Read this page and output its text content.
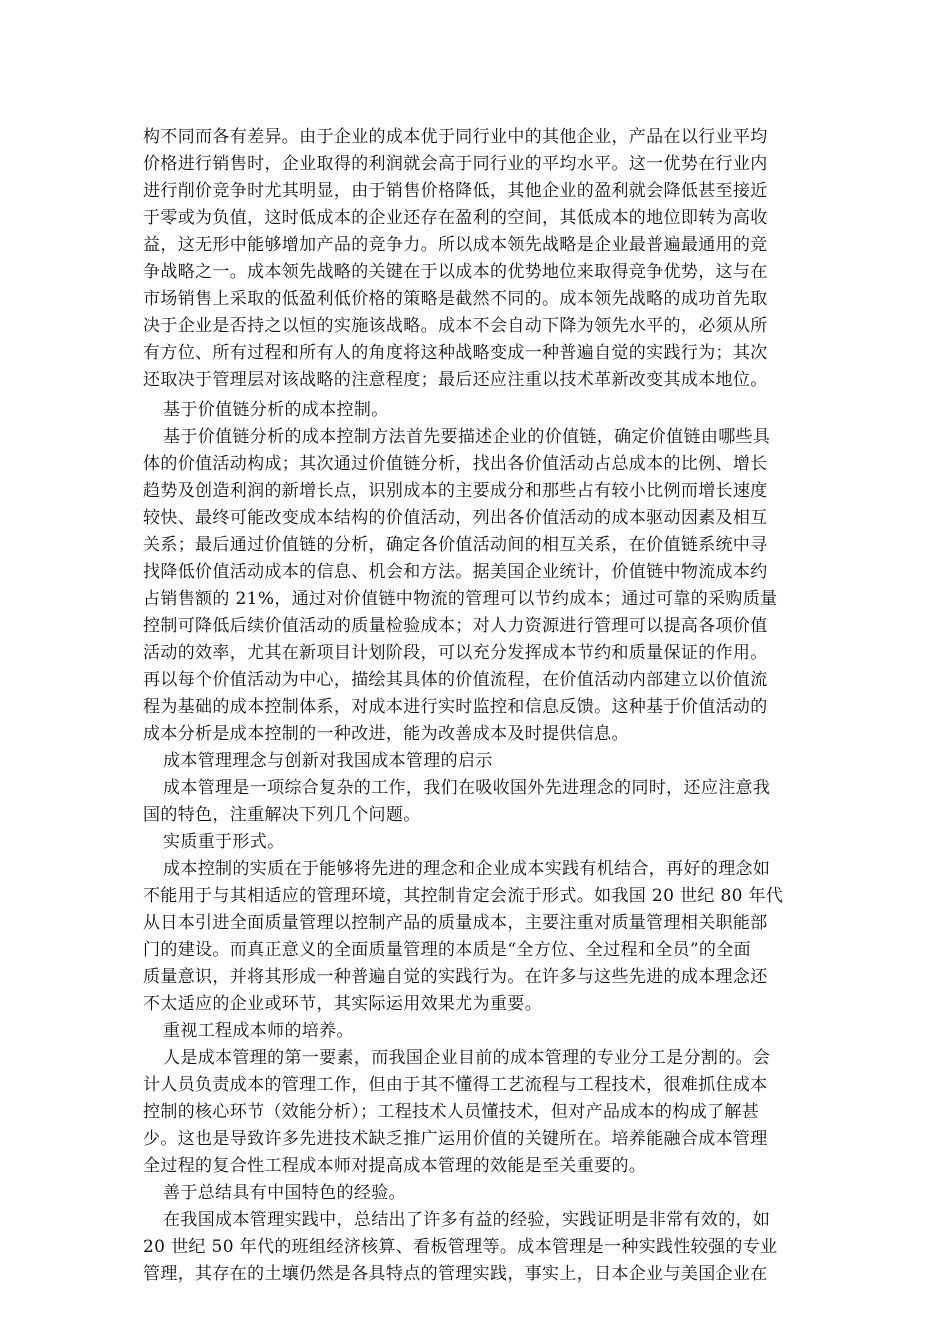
构不同而各有差异。由于企业的成本优于同行业中的其他企业，产品在以行业平均
价格进行销售时，企业取得的利润就会高于同行业的平均水平。这一优势在行业内
进行削价竞争时尤其明显，由于销售价格降低，其他企业的盈利就会降低甚至接近
于零或为负值，这时低成本的企业还存在盈利的空间，其低成本的地位即转为高收
益，这无形中能够增加产品的竞争力。所以成本领先战略是企业最普遍最通用的竞
争战略之一。成本领先战略的关键在于以成本的优势地位来取得竞争优势，这与在
市场销售上采取的低盈利低价格的策略是截然不同的。成本领先战略的成功首先取
决于企业是否持之以恒的实施该战略。成本不会自动下降为领先水平的，必须从所
有方位、所有过程和所有人的角度将这种战略变成一种普遍自觉的实践行为；其次
还取决于管理层对该战略的注意程度；最后还应注重以技术革新改变其成本地位。
基于价值链分析的成本控制。
基于价值链分析的成本控制方法首先要描述企业的价值链，确定价值链由哪些具
体的价值活动构成；其次通过价值链分析，找出各价值活动占总成本的比例、增长
趋势及创造利润的新增长点，识别成本的主要成分和那些占有较小比例而增长速度
较快、最终可能改变成本结构的价值活动，列出各价值活动的成本驱动因素及相互
关系；最后通过价值链的分析，确定各价值活动间的相互关系，在价值链系统中寻
找降低价值活动成本的信息、机会和方法。据美国企业统计，价值链中物流成本约
占销售额的 21%，通过对价值链中物流的管理可以节约成本；通过可靠的采购质量
控制可降低后续价值活动的质量检验成本；对人力资源进行管理可以提高各项价值
活动的效率，尤其在新项目计划阶段，可以充分发挥成本节约和质量保证的作用。
再以每个价值活动为中心，描绘其具体的价值流程，在价值活动内部建立以价值流
程为基础的成本控制体系，对成本进行实时监控和信息反馈。这种基于价值活动的
成本分析是成本控制的一种改进，能为改善成本及时提供信息。
成本管理理念与创新对我国成本管理的启示
成本管理是一项综合复杂的工作，我们在吸收国外先进理念的同时，还应注意我
国的特色，注重解决下列几个问题。
实质重于形式。
成本控制的实质在于能够将先进的理念和企业成本实践有机结合，再好的理念如
不能用于与其相适应的管理环境，其控制肯定会流于形式。如我国 20 世纪 80 年代
从日本引进全面质量管理以控制产品的质量成本，主要注重对质量管理相关职能部
门的建设。而真正意义的全面质量管理的本质是“全方位、全过程和全员”的全面
质量意识，并将其形成一种普遍自觉的实践行为。在许多与这些先进的成本理念还
不太适应的企业或环节，其实际运用效果尤为重要。
重视工程成本师的培养。
人是成本管理的第一要素，而我国企业目前的成本管理的专业分工是分割的。会
计人员负责成本的管理工作，但由于其不懂得工艺流程与工程技术，很难抓住成本
控制的核心环节（效能分析）；工程技术人员懂技术，但对产品成本的构成了解甚
少。这也是导致许多先进技术缺乏推广运用价值的关键所在。培养能融合成本管理
全过程的复合性工程成本师对提高成本管理的效能是至关重要的。
善于总结具有中国特色的经验。
在我国成本管理实践中，总结出了许多有益的经验，实践证明是非常有效的，如
20 世纪 50 年代的班组经济核算、看板管理等。成本管理是一种实践性较强的专业
管理，其存在的土壤仍然是各具特点的管理实践，事实上，日本企业与美国企业在
